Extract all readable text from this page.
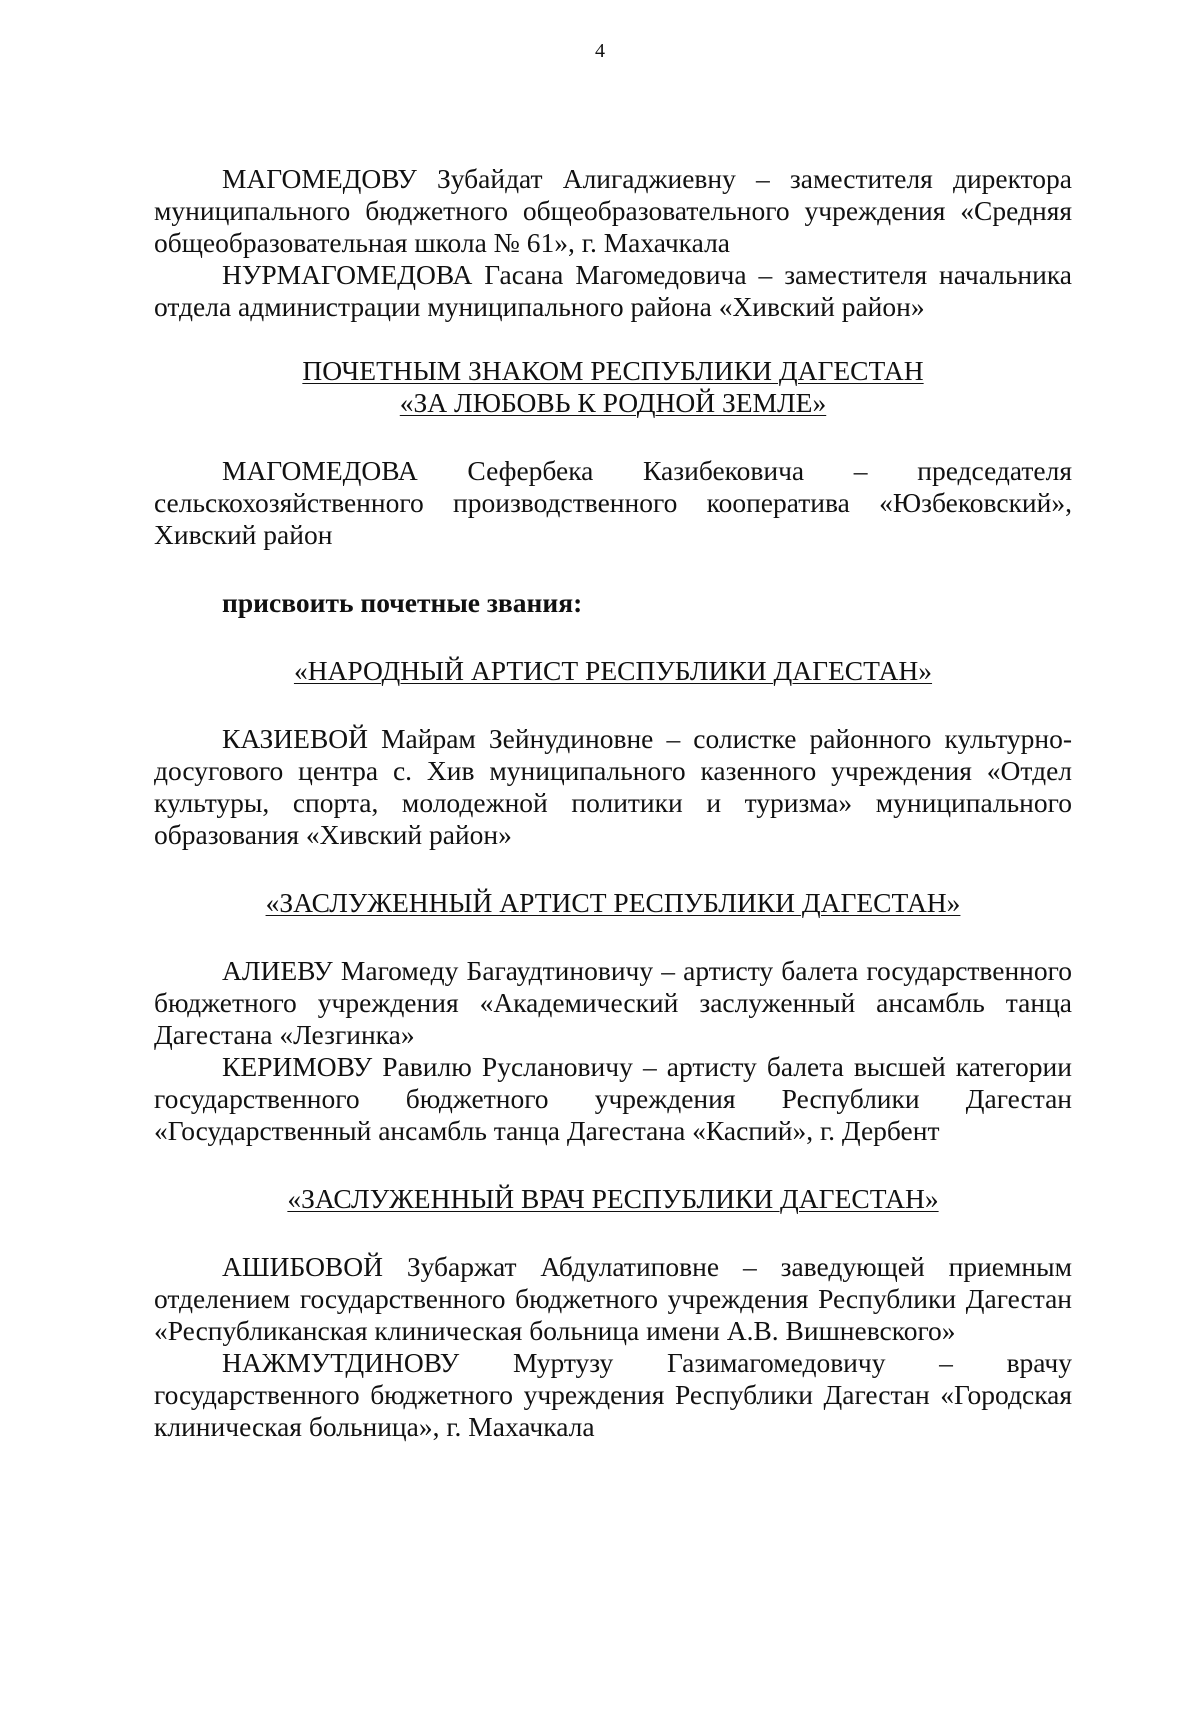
4

МАГОМЕДОВУ Зубайдат Алигаджиевну – заместителя директора муниципального бюджетного общеобразовательного учреждения «Средняя общеобразовательная школа № 61», г. Махачкала

НУРМАГОМЕДОВА Гасана Магомедовича – заместителя начальника отдела администрации муниципального района «Хивский район»

ПОЧЕТНЫМ ЗНАКОМ РЕСПУБЛИКИ ДАГЕСТАН

«ЗА ЛЮБОВЬ К РОДНОЙ ЗЕМЛЕ»

МАГОМЕДОВА Сефербека Казибековича – председателя сельскохозяйственного производственного кооператива «Юзбековский», Хивский район

присвоить почетные звания:

«НАРОДНЫЙ АРТИСТ РЕСПУБЛИКИ ДАГЕСТАН»

КАЗИЕВОЙ Майрам Зейнудиновне – солистке районного культурно-досугового центра с. Хив муниципального казенного учреждения «Отдел культуры, спорта, молодежной политики и туризма» муниципального образования «Хивский район»

«ЗАСЛУЖЕННЫЙ АРТИСТ РЕСПУБЛИКИ ДАГЕСТАН»

АЛИЕВУ Магомеду Багаудтиновичу – артисту балета государственного бюджетного учреждения «Академический заслуженный ансамбль танца Дагестана «Лезгинка»

КЕРИМОВУ Равилю Руслановичу – артисту балета высшей категории государственного бюджетного учреждения Республики Дагестан «Государственный ансамбль танца Дагестана «Каспий», г. Дербент

«ЗАСЛУЖЕННЫЙ ВРАЧ РЕСПУБЛИКИ ДАГЕСТАН»

АШИБОВОЙ Зубаржат Абдулатиповне – заведующей приемным отделением государственного бюджетного учреждения Республики Дагестан «Республиканская клиническая больница имени А.В. Вишневского»

НАЖМУТДИНОВУ Муртузу Газимагомедовичу – врачу государственного бюджетного учреждения Республики Дагестан «Городская клиническая больница», г. Махачкала
